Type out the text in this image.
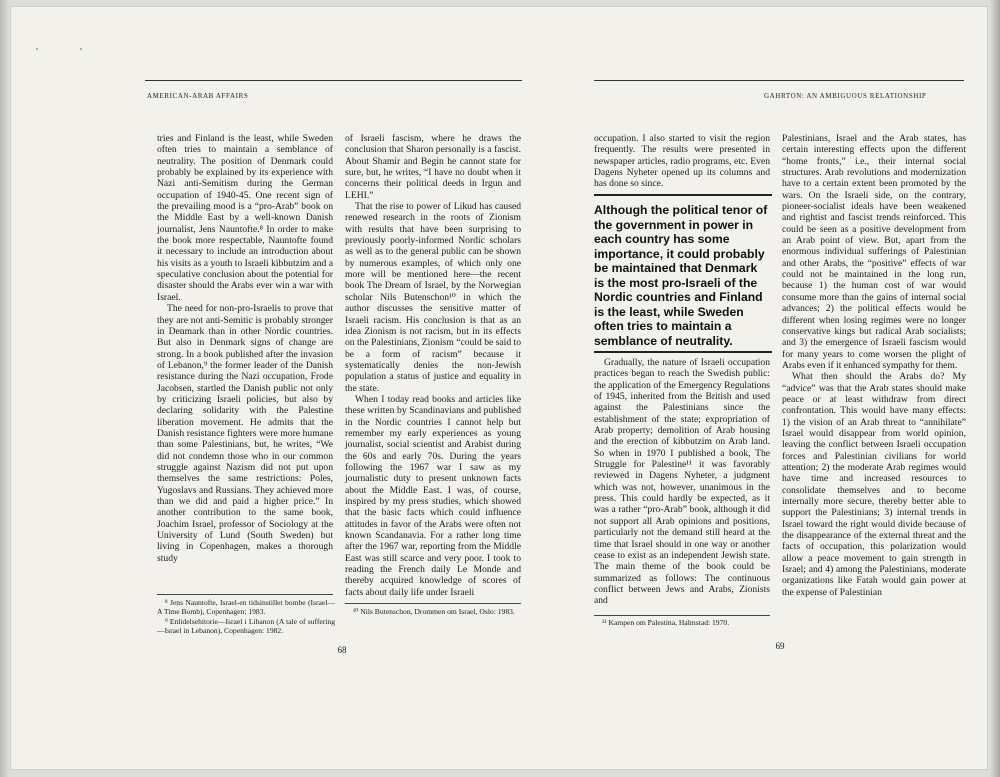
AMERICAN-ARAB AFFAIRS

tries and Finland is the least, while Sweden often tries to maintain a semblance of neutrality. The position of Denmark could probably be explained by its experience with Nazi anti-Semitism during the German occupation of 1940-45. One recent sign of the prevailing mood is a “pro-Arab” book on the Middle East by a well-known Danish journalist, Jens Nauntofte.⁸ In order to make the book more respectable, Nauntofte found it necessary to include an introduction about his visits as a youth to Israeli kibbutzim and a speculative conclusion about the potential for disaster should the Arabs ever win a war with Israel.

The need for non-pro-Israelis to prove that they are not anti-Semitic is probably stronger in Denmark than in other Nordic countries. But also in Denmark signs of change are strong. In a book published after the invasion of Lebanon,⁹ the former leader of the Danish resistance during the Nazi occupation, Frode Jacobsen, startled the Danish public not only by criticizing Israeli policies, but also by declaring solidarity with the Palestine liberation movement. He admits that the Danish resistance fighters were more humane than some Palestinians, but, he writes, “We did not condemn those who in our common struggle against Nazism did not put upon themselves the same restrictions: Poles, Yugoslavs and Russians. They achieved more than we did and paid a higher price.” In another contribution to the same book, Joachim Israel, professor of Sociology at the University of Lund (South Sweden) but living in Copenhagen, makes a thorough study

of Israeli fascism, where he draws the conclusion that Sharon personally is a fascist. About Shamir and Begin he cannot state for sure, but, he writes, “I have no doubt when it concerns their political deeds in Irgun and LEHI.”

That the rise to power of Likud has caused renewed research in the roots of Zionism with results that have been surprising to previously poorly-informed Nordic scholars as well as to the general public can be shown by numerous examples, of which only one more will be mentioned here—the recent book The Dream of Israel, by the Norwegian scholar Nils Butenschon¹⁰ in which the author discusses the sensitive matter of Israeli racism. His conclusion is that as an idea Zionism is not racism, but in its effects on the Palestinians, Zionism “could be said to be a form of racism” because it systematically denies the non-Jewish population a status of justice and equality in the state.

When I today read books and articles like these written by Scandinavians and published in the Nordic countries I cannot help but remember my early experiences as young journalist, social scientist and Arabist during the 60s and early 70s. During the years following the 1967 war I saw as my journalistic duty to present unknown facts about the Middle East. I was, of course, inspired by my press studies, which showed that the basic facts which could influence attitudes in favor of the Arabs were often not known Scandanavia. For a rather long time after the 1967 war, reporting from the Middle East was still scarce and very poor. I took to reading the French daily Le Monde and thereby acquired knowledge of scores of facts about daily life under Israeli

⁸ Jens Nauntofte, Israel-en tidsinstillet bombe (Israel—A Time Bomb), Copenhagen; 1983.

⁹ Enlidelsehitorie—Israel i Libanon (A tale of suffering—Israel in Lebanon), Copenhagen: 1982.

¹⁰ Nils Butenschon, Drommen om Israel, Oslo: 1983.

68
GAHRTON: AN AMBIGUOUS RELATIONSHIP

occupation. I also started to visit the region frequently. The results were presented in newspaper articles, radio programs, etc. Even Dagens Nyheter opened up its columns and has done so since.

Although the political tenor of the government in power in each country has some importance, it could probably be maintained that Denmark is the most pro-Israeli of the Nordic countries and Finland is the least, while Sweden often tries to maintain a semblance of neutrality.

Gradually, the nature of Israeli occupation practices began to reach the Swedish public: the application of the Emergency Regulations of 1945, inherited from the British and used against the Palestinians since the establishment of the state; expropriation of Arab property; demolition of Arab housing and the erection of kibbutzim on Arab land. So when in 1970 I published a book, The Struggle for Palestine¹¹ it was favorably reviewed in Dagens Nyheter, a judgment which was not, however, unanimous in the press. This could hardly be expected, as it was a rather “pro-Arab” book, although it did not support all Arab opinions and positions, particularly not the demand still heard at the time that Israel should in one way or another cease to exist as an independent Jewish state. The main theme of the book could be summarized as follows: The continuous conflict between Jews and Arabs, Zionists and

Palestinians, Israel and the Arab states, has certain interesting effects upon the different “home fronts,” i.e., their internal social structures. Arab revolutions and modernization have to a certain extent been promoted by the wars. On the Israeli side, on the contrary, pioneer-socialist ideals have been weakened and rightist and fascist trends reinforced. This could be seen as a positive development from an Arab point of view. But, apart from the enormous individual sufferings of Palestinian and other Arabs, the “positive” effects of war could not be maintained in the long run, because 1) the human cost of war would consume more than the gains of internal social advances; 2) the political effects would be different when losing regimes were no longer conservative kings but radical Arab socialists; and 3) the emergence of Israeli fascism would for many years to come worsen the plight of Arabs even if it enhanced sympathy for them.

What then should the Arabs do? My “advice” was that the Arab states should make peace or at least withdraw from direct confrontation. This would have many effects: 1) the vision of an Arab threat to “annihilate” Israel would disappear from world opinion, leaving the conflict between Israeli occupation forces and Palestinian civilians for world attention; 2) the moderate Arab regimes would have time and increased resources to consolidate themselves and to become internally more secure, thereby better able to support the Palestinians; 3) internal trends in Israel toward the right would divide because of the disappearance of the external threat and the facts of occupation, this polarization would allow a peace movement to gain strength in Israel; and 4) among the Palestinians, moderate organizations like Fatah would gain power at the expense of Palestinian

¹¹ Kampen om Palestina, Halmstad: 1970.

69
